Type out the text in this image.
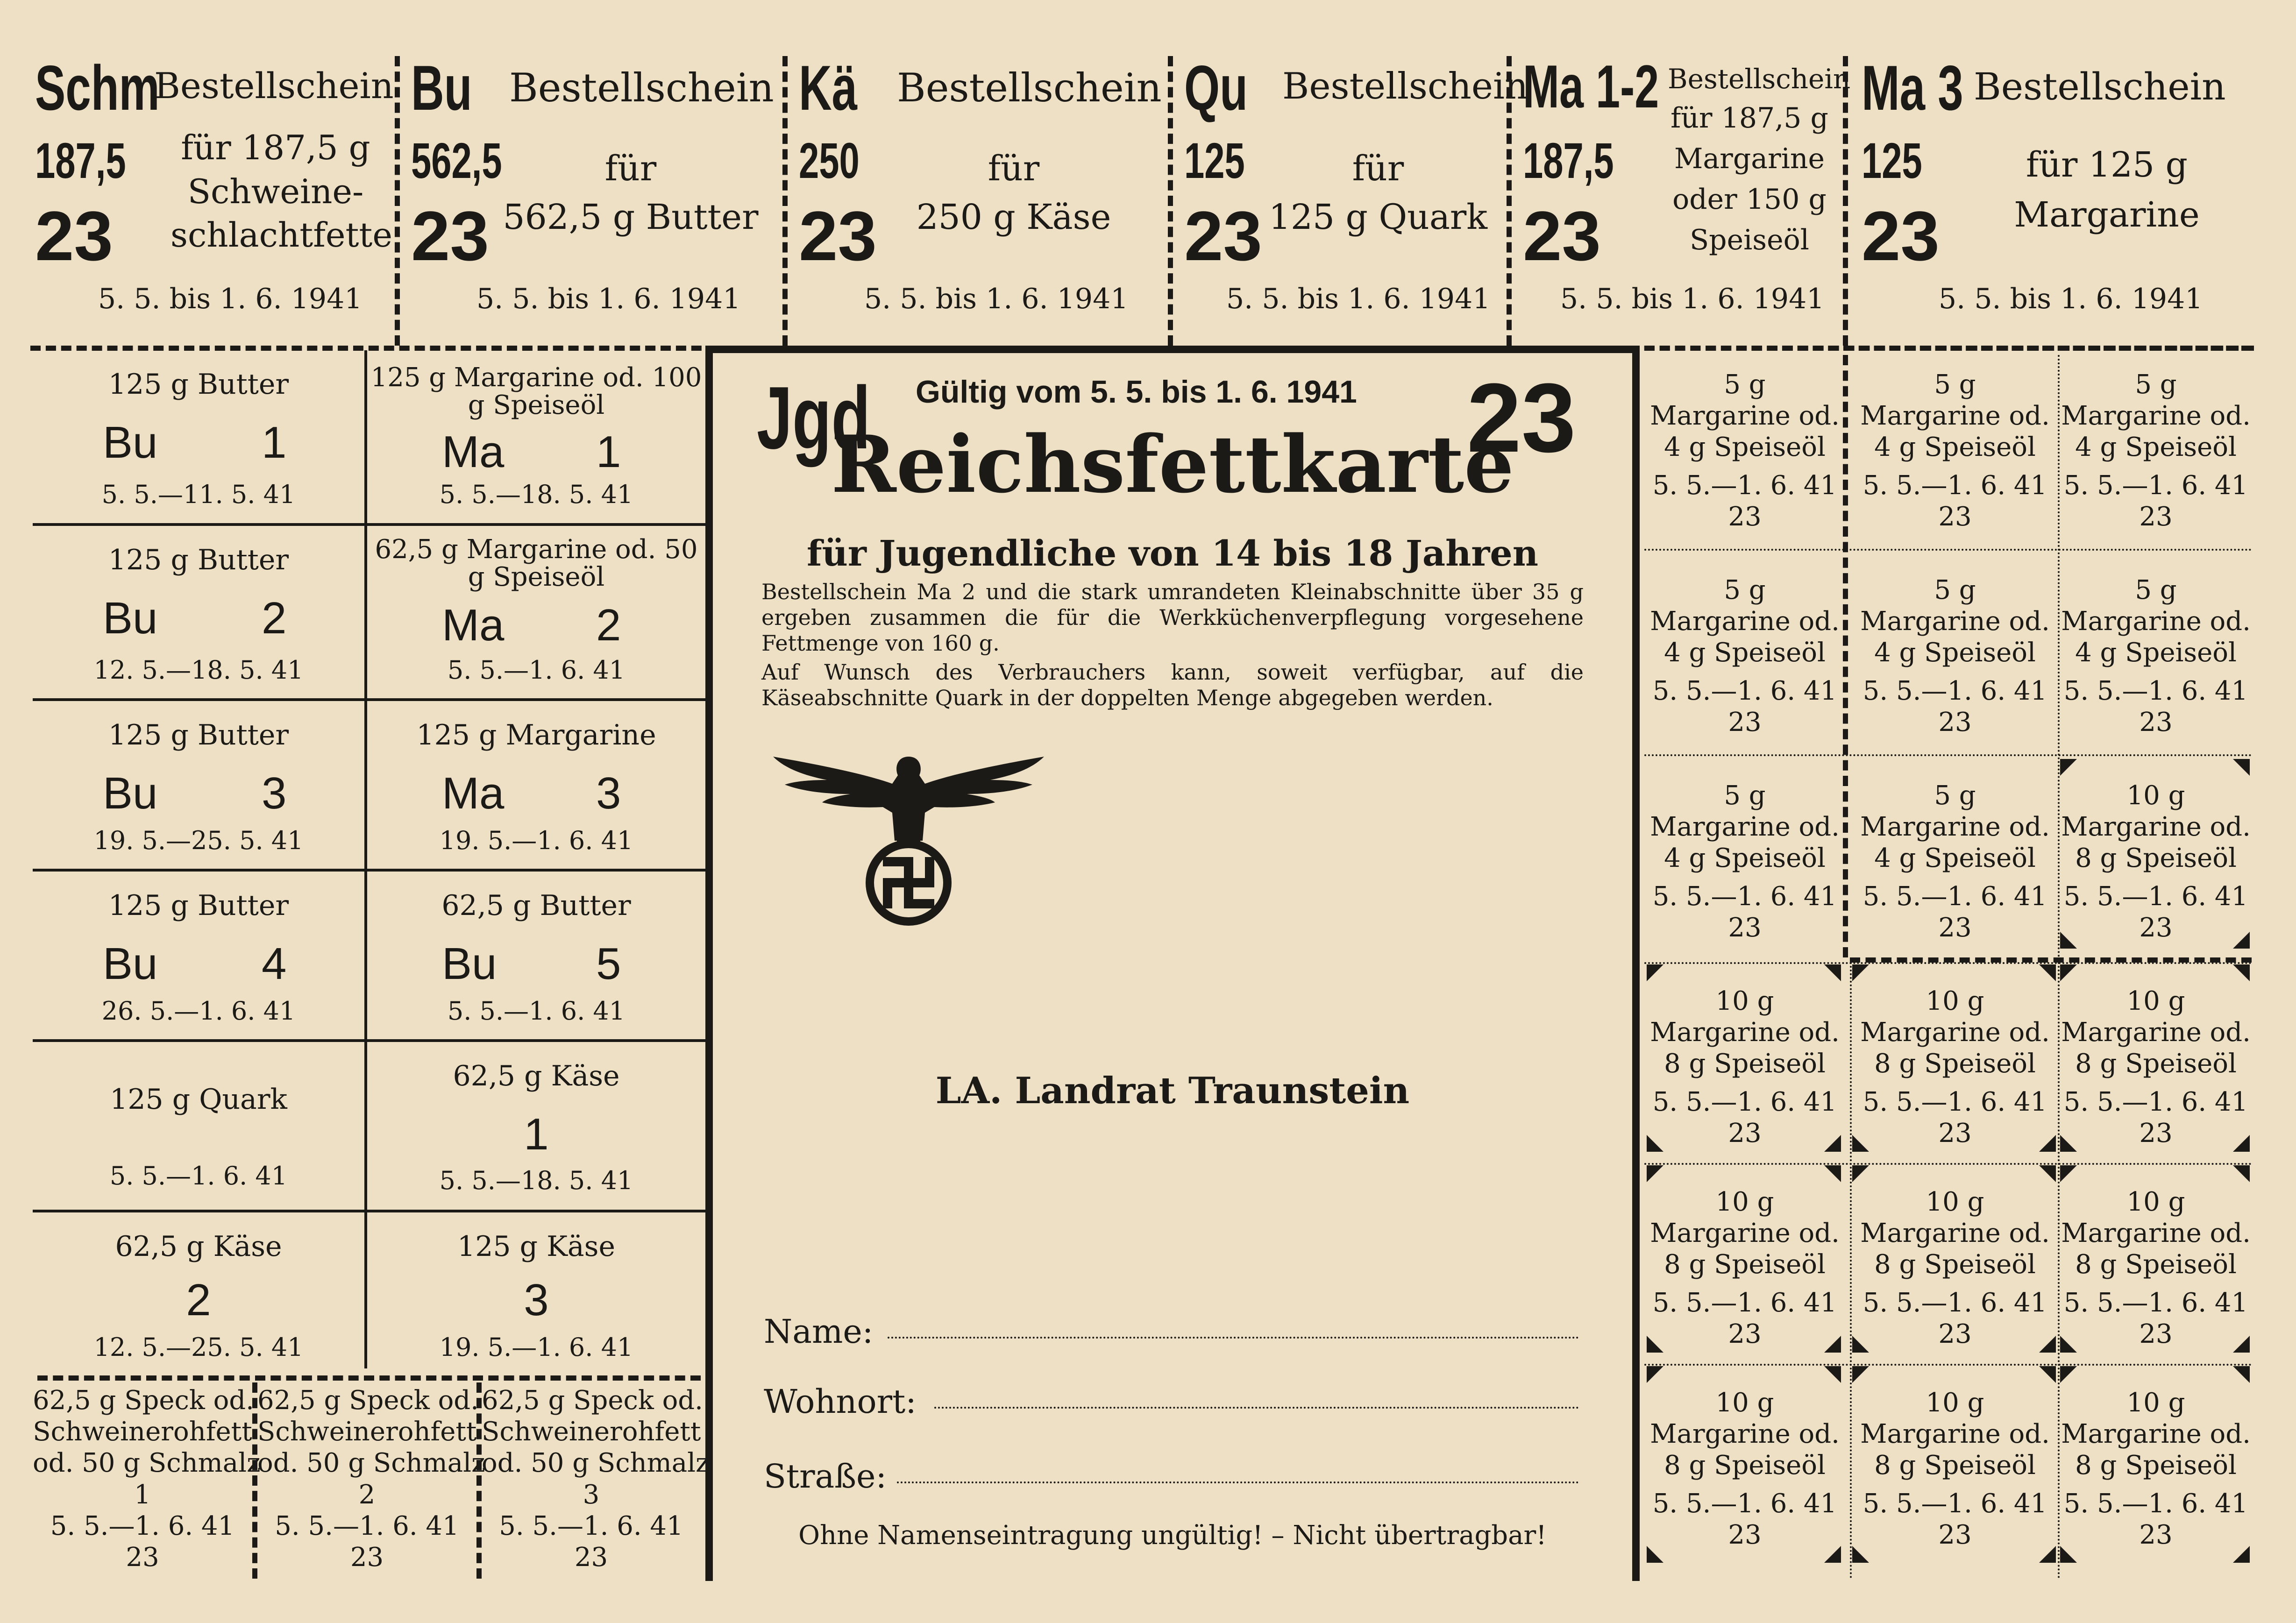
Schm
187,5
23
Bestellschein
für 187,5 g
Schweine-
schlachtfette
5. 5. bis 1. 6. 1941
Bu
562,5
23
Bestellschein
für
562,5 g Butter
5. 5. bis 1. 6. 1941
Kä
250
23
Bestellschein
für
250 g Käse
5. 5. bis 1. 6. 1941
Qu
125
23
Bestellschein
für
125 g Quark
5. 5. bis 1. 6. 1941
Ma 1-2
187,5
23
Bestellschein
für 187,5 g
Margarine
oder 150 g
Speiseöl
5. 5. bis 1. 6. 1941
Ma 3
125
23
Bestellschein
für 125 g
Margarine
5. 5. bis 1. 6. 1941
125 g Butter
Bu 1
5. 5.—11. 5. 41
125 g Margarine od. 100 g Speiseöl
Ma 1
5. 5.—18. 5. 41
125 g Butter
Bu 2
12. 5.—18. 5. 41
62,5 g Margarine od. 50 g Speiseöl
Ma 2
5. 5.—1. 6. 41
125 g Butter
Bu 3
19. 5.—25. 5. 41
125 g Margarine
Ma 3
19. 5.—1. 6. 41
125 g Butter
Bu 4
26. 5.—1. 6. 41
62,5 g Butter
Bu 5
5. 5.—1. 6. 41
125 g Quark
5. 5.—1. 6. 41
62,5 g Käse
1
5. 5.—18. 5. 41
62,5 g Käse
2
12. 5.—25. 5. 41
125 g Käse
3
19. 5.—1. 6. 41
62,5 g Speck od.
Schweinerohfett
od. 50 g Schmalz
1
5. 5.—1. 6. 41
23
62,5 g Speck od.
Schweinerohfett
od. 50 g Schmalz
2
5. 5.—1. 6. 41
23
62,5 g Speck od.
Schweinerohfett
od. 50 g Schmalz
3
5. 5.—1. 6. 41
23
Jgd Gültig vom 5. 5. bis 1. 6. 1941 23
Reichsfettkarte
für Jugendliche von 14 bis 18 Jahren
Bestellschein Ma 2 und die stark umrandeten Kleinabschnitte über 35 g ergeben zusammen die für die Werkküchenverpflegung vorgesehene Fettmenge von 160 g.
Auf Wunsch des Verbrauchers kann, soweit verfügbar, auf die Käseabschnitte Quark in der doppelten Menge abgegeben werden.
LA. Landrat Traunstein
Name:
Wohnort:
Straße:
Ohne Namenseintragung ungültig! – Nicht übertragbar!
5 g
Margarine od.
4 g Speiseöl
5. 5.—1. 6. 41
23
5 g
Margarine od.
4 g Speiseöl
5. 5.—1. 6. 41
23
5 g
Margarine od.
4 g Speiseöl
5. 5.—1. 6. 41
23
5 g
Margarine od.
4 g Speiseöl
5. 5.—1. 6. 41
23
5 g
Margarine od.
4 g Speiseöl
5. 5.—1. 6. 41
23
5 g
Margarine od.
4 g Speiseöl
5. 5.—1. 6. 41
23
5 g
Margarine od.
4 g Speiseöl
5. 5.—1. 6. 41
23
5 g
Margarine od.
4 g Speiseöl
5. 5.—1. 6. 41
23
10 g
Margarine od.
8 g Speiseöl
5. 5.—1. 6. 41
23
10 g
Margarine od.
8 g Speiseöl
5. 5.—1. 6. 41
23
10 g
Margarine od.
8 g Speiseöl
5. 5.—1. 6. 41
23
10 g
Margarine od.
8 g Speiseöl
5. 5.—1. 6. 41
23
10 g
Margarine od.
8 g Speiseöl
5. 5.—1. 6. 41
23
10 g
Margarine od.
8 g Speiseöl
5. 5.—1. 6. 41
23
10 g
Margarine od.
8 g Speiseöl
5. 5.—1. 6. 41
23
10 g
Margarine od.
8 g Speiseöl
5. 5.—1. 6. 41
23
10 g
Margarine od.
8 g Speiseöl
5. 5.—1. 6. 41
23
10 g
Margarine od.
8 g Speiseöl
5. 5.—1. 6. 41
23
